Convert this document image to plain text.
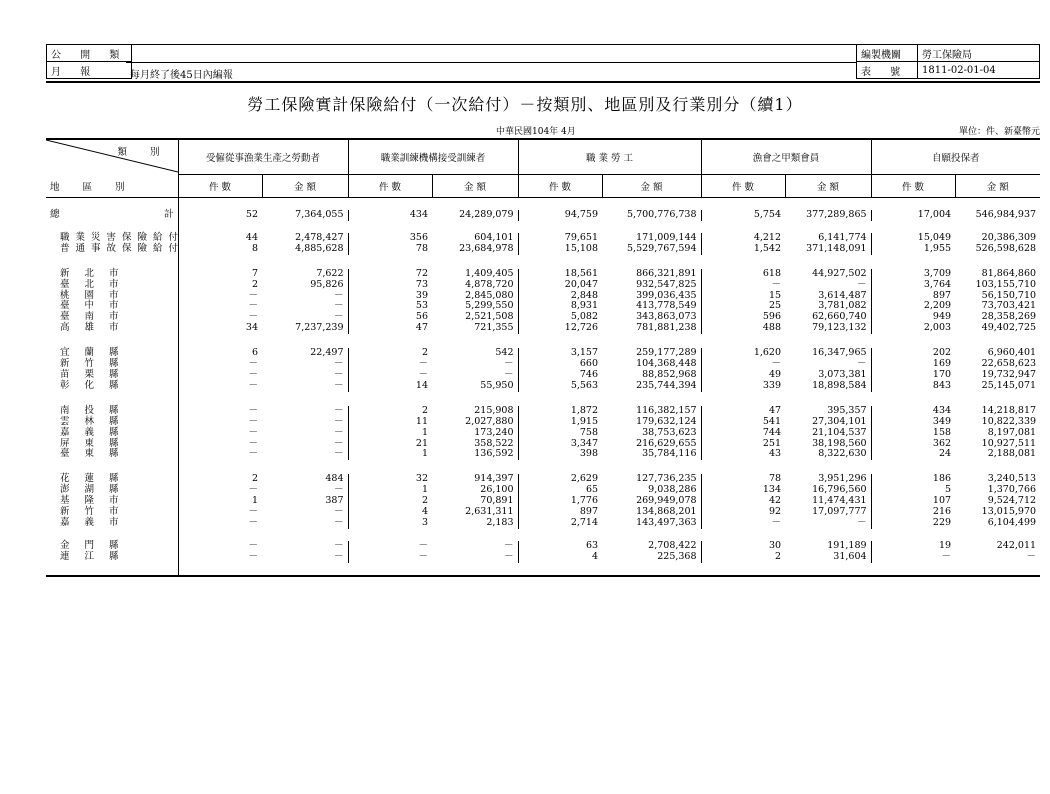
公 開 類
月 報	每月終了後45日內編報
編製機關	勞工保險局
表 號	1811-02-01-04
勞工保險實計保險給付（一次給付）－按類別、地區別及行業別分（續1）
中華民國104年 4月	單位：件、新臺幣元
類 別
地 區 別	受僱從事漁業生產之勞動者		職業訓練機構接受訓練者		職 業 勞 工		漁會之甲類會員		自願投保者	
	件 數	金 額	件 數	金 額	件 數	金 額	件 數	金 額	件 數	金 額

總 計	52	7,364,055	434	24,289,079	94,759	5,700,776,738	5,754	377,289,865	17,004	546,984,937

職業災害保險給付	44	2,478,427	356	604,101	79,651	171,009,144	4,212	6,141,774	15,049	20,386,309
普通事故保險給付	8	4,885,628	78	23,684,978	15,108	5,529,767,594	1,542	371,148,091	1,955	526,598,628

新 北 市	7	7,622	72	1,409,405	18,561	866,321,891	618	44,927,502	3,709	81,864,860
臺 北 市	2	95,826	73	4,878,720	20,047	932,547,825	－	－	3,764	103,155,710
桃 園 市	－	－	39	2,845,080	2,848	399,036,435	15	3,614,487	897	56,150,710
臺 中 市	－	－	53	5,299,550	8,931	413,778,549	25	3,781,082	2,209	73,703,421
臺 南 市	－	－	56	2,521,508	5,082	343,863,073	596	62,660,740	949	28,358,269
高 雄 市	34	7,237,239	47	721,355	12,726	781,881,238	488	79,123,132	2,003	49,402,725

宜 蘭 縣	6	22,497	2	542	3,157	259,177,289	1,620	16,347,965	202	6,960,401
新 竹 縣	－	－	－	－	660	104,368,448	－	－	169	22,658,623
苗 栗 縣	－	－	－	－	746	88,852,968	49	3,073,381	170	19,732,947
彰 化 縣	－	－	14	55,950	5,563	235,744,394	339	18,898,584	843	25,145,071

南 投 縣	－	－	2	215,908	1,872	116,382,157	47	395,357	434	14,218,817
雲 林 縣	－	－	11	2,027,880	1,915	179,632,124	541	27,304,101	349	10,822,339
嘉 義 縣	－	－	1	173,240	758	38,753,623	744	21,104,537	158	8,197,081
屏 東 縣	－	－	21	358,522	3,347	216,629,655	251	38,198,560	362	10,927,511
臺 東 縣	－	－	1	136,592	398	35,784,116	43	8,322,630	24	2,188,081

花 蓮 縣	2	484	32	914,397	2,629	127,736,235	78	3,951,296	186	3,240,513
澎 湖 縣	－	－	1	26,100	65	9,038,286	134	16,796,560	5	1,370,766
基 隆 市	1	387	2	70,891	1,776	269,949,078	42	11,474,431	107	9,524,712
新 竹 市	－	－	4	2,631,311	897	134,868,201	92	17,097,777	216	13,015,970
嘉 義 市	－	－	3	2,183	2,714	143,497,363	－	－	229	6,104,499

金 門 縣	－	－	－	－	63	2,708,422	30	191,189	19	242,011
連 江 縣	－	－	－	－	4	225,368	2	31,604	－	－
